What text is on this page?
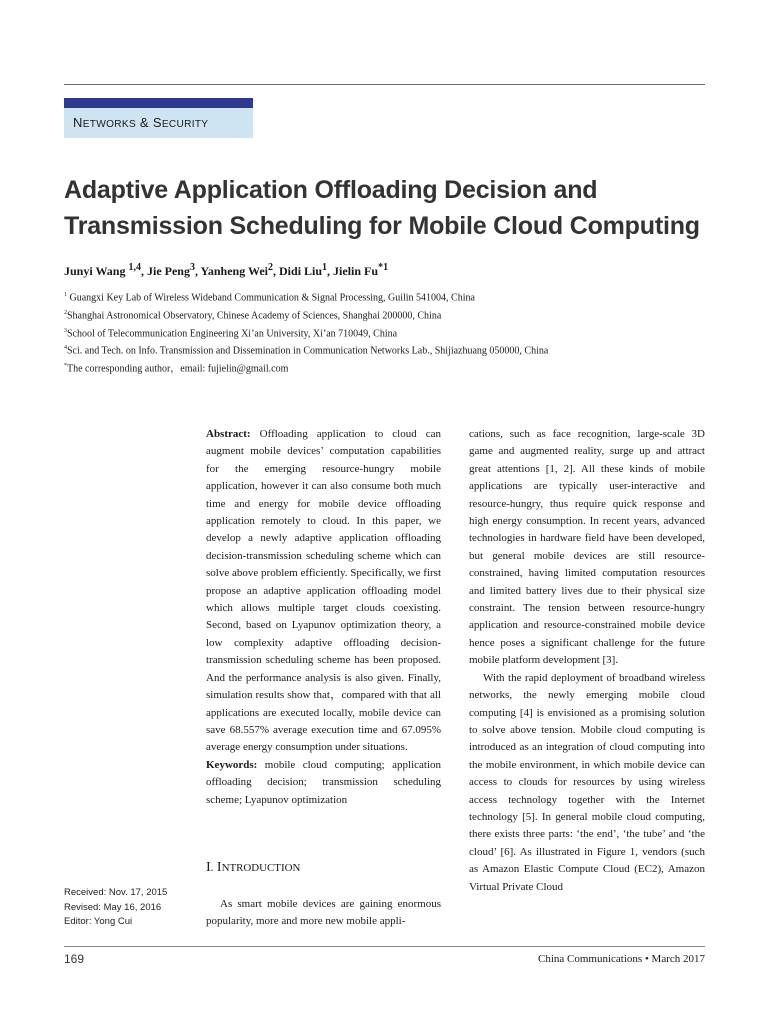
NETWORKS & SECURITY
Adaptive Application Offloading Decision and Transmission Scheduling for Mobile Cloud Computing
Junyi Wang $^{1,4}$, Jie Peng$^3$, Yanheng Wei$^2$, Didi Liu$^1$, Jielin Fu$^{*1}$
$^1$ Guangxi Key Lab of Wireless Wideband Communication & Signal Processing, Guilin 541004, China
$^2$Shanghai Astronomical Observatory, Chinese Academy of Sciences, Shanghai 200000, China
$^3$School of Telecommunication Engineering Xi’an University, Xi’an 710049, China
$^4$Sci. and Tech. on Info. Transmission and Dissemination in Communication Networks Lab., Shijiazhuang 050000, China
*The corresponding author，email: fujielin@gmail.com

Abstract: Offloading application to cloud can augment mobile devices’ computation capabilities for the emerging resource-hungry mobile application, however it can also consume both much time and energy for mobile device offloading application remotely to cloud. In this paper, we develop a newly adaptive application offloading decision-transmission scheduling scheme which can solve above problem efficiently. Specifically, we first propose an adaptive application offloading model which allows multiple target clouds coexisting. Second, based on Lyapunov optimization theory, a low complexity adaptive offloading decision-transmission scheduling scheme has been proposed. And the performance analysis is also given. Finally, simulation results show that，compared with that all applications are executed locally, mobile device can save 68.557% average execution time and 67.095% average energy consumption under situations.

Keywords: mobile cloud computing; application offloading decision; transmission scheduling scheme; Lyapunov optimization

I. INTRODUCTION

As smart mobile devices are gaining enormous popularity, more and more new mobile appli-

cations, such as face recognition, large-scale 3D game and augmented reality, surge up and attract great attentions [1, 2]. All these kinds of mobile applications are typically user-interactive and resource-hungry, thus require quick response and high energy consumption. In recent years, advanced technologies in hardware field have been developed, but general mobile devices are still resource-constrained, having limited computation resources and limited battery lives due to their physical size constraint. The tension between resource-hungry application and resource-constrained mobile device hence poses a significant challenge for the future mobile platform development [3].

With the rapid deployment of broadband wireless networks, the newly emerging mobile cloud computing [4] is envisioned as a promising solution to solve above tension. Mobile cloud computing is introduced as an integration of cloud computing into the mobile environment, in which mobile device can access to clouds for resources by using wireless access technology together with the Internet technology [5]. In general mobile cloud computing, there exists three parts: ‘the end’, ‘the tube’ and ‘the cloud’ [6]. As illustrated in Figure 1, vendors (such as Amazon Elastic Compute Cloud (EC2), Amazon Virtual Private Cloud

Received: Nov. 17, 2015
Revised: May 16, 2016
Editor: Yong Cui
169	China Communications • March 2017
